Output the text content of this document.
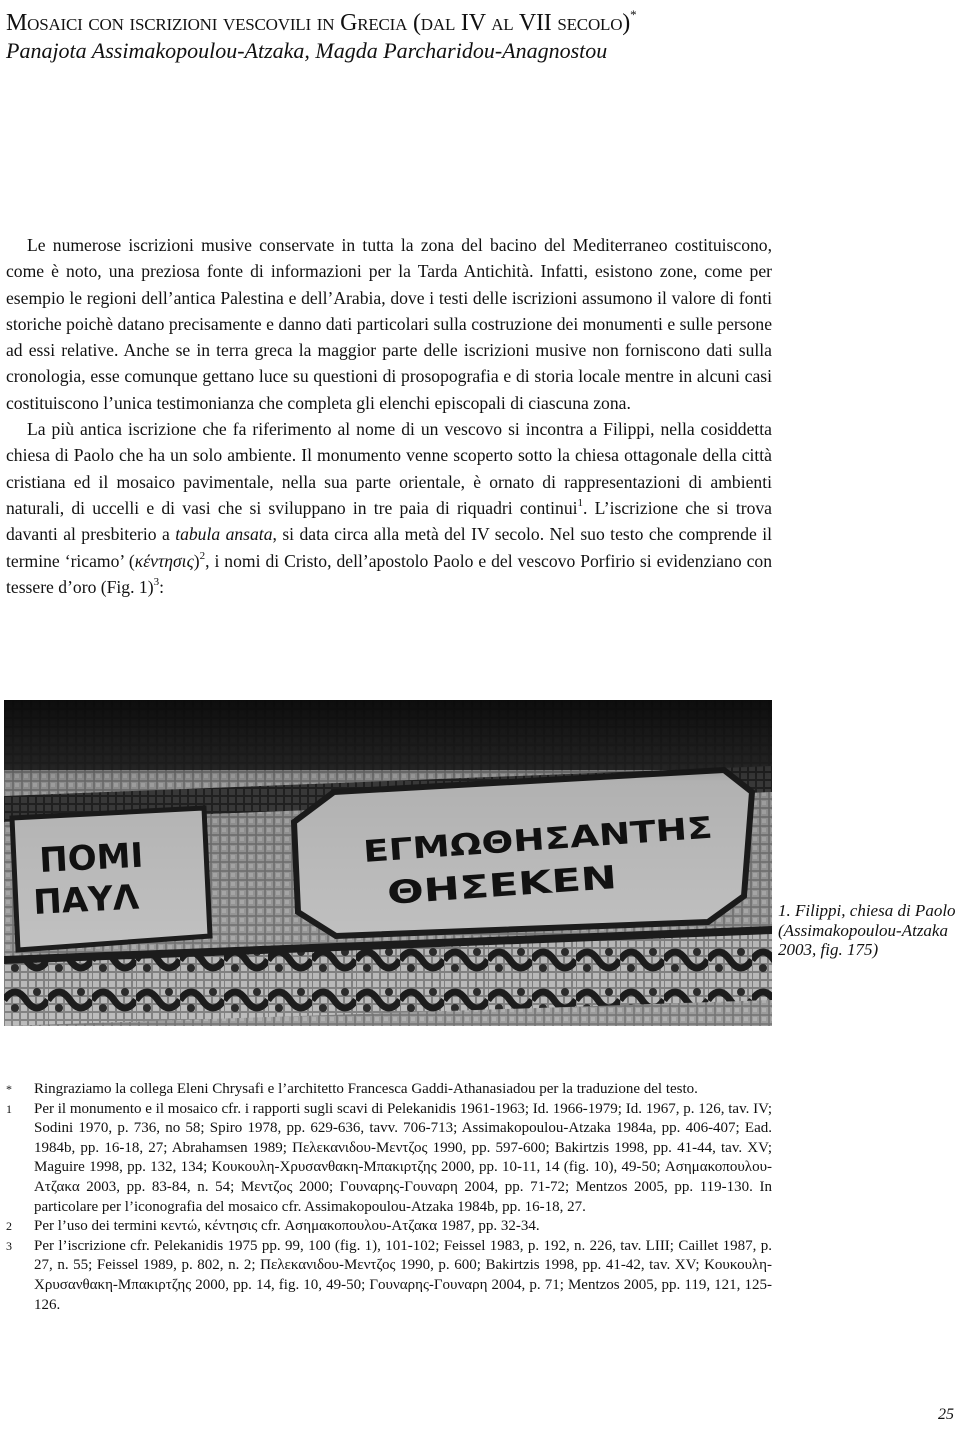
Mosaici con iscrizioni vescovili in Grecia (dal IV al VII secolo)*
Panajota Assimakopoulou-Atzaka, Magda Parcharidou-Anagnostou

Le numerose iscrizioni musive conservate in tutta la zona del bacino del Mediterraneo costituiscono, come è noto, una preziosa fonte di informazioni per la Tarda Antichità. Infatti, esistono zone, come per esempio le regioni dell’antica Palestina e dell’Arabia, dove i testi delle iscrizioni assumono il valore di fonti storiche poichè datano precisamente e danno dati particolari sulla costruzione dei monumenti e sulle persone ad essi relative. Anche se in terra greca la maggior parte delle iscrizioni musive non forniscono dati sulla cronologia, esse comunque gettano luce su questioni di prosopografia e di storia locale mentre in alcuni casi costituiscono l’unica testimonianza che completa gli elenchi episcopali di ciascuna zona.

La più antica iscrizione che fa riferimento al nome di un vescovo si incontra a Filippi, nella cosiddetta chiesa di Paolo che ha un solo ambiente. Il monumento venne scoperto sotto la chiesa ottagonale della città cristiana ed il mosaico pavimentale, nella sua parte orientale, è ornato di rappresentazioni di ambienti naturali, di uccelli e di vasi che si sviluppano in tre paia di riquadri continui$^1$. L’iscrizione che si trova davanti al presbiterio a tabula ansata, si data circa alla metà del IV secolo. Nel suo testo che comprende il termine ‘ricamo’ $(\kappa έ\nu\tau\eta\sigma\iota\varsigma)^2$, i nomi di Cristo, dell’apostolo Paolo e del vescovo Porfirio si evidenziano con tessere d’oro (Fig. 1)$^3$:

1. Filippi, chiesa di Paolo (Assimakopoulou-Atzaka 2003, fig. 175)
* Ringraziamo la collega Eleni Chrysafi e l’architetto Francesca Gaddi-Athanasiadou per la traduzione del testo.
1 Per il monumento e il mosaico cfr. i rapporti sugli scavi di Pelekanidis 1961-1963; Id. 1966-1979; Id. 1967, p. 126, tav. IV; Sodini 1970, p. 736, no 58; Spiro 1978, pp. 629-636, tavv. 706-713; Assimakopoulou-Atzaka 1984a, pp. 406-407; Ead. 1984b, pp. 16-18, 27; Abrahamsen 1989; Πελεκανιδου-Μεντζος 1990, pp. 597-600; Bakirtzis 1998, pp. 41-44, tav. XV; Maguire 1998, pp. 132, 134; Κουκουλη-Χρυσανθακη-Μπακιρτζης 2000, pp. 10-11, 14 (fig. 10), 49-50; Ασημακοπουλου-Ατζακα 2003, pp. 83-84, n. 54; Μεντζος 2000; Γουναρης-Γουναρη 2004, pp. 71-72; Mentzos 2005, pp. 119-130. In particolare per l’iconografia del mosaico cfr. Assimakopoulou-Atzaka 1984b, pp. 16-18, 27.
2 Per l’uso dei termini κεντώ, κέντησις cfr. Ασημακοπουλου-Ατζακα 1987, pp. 32-34.
3 Per l’iscrizione cfr. Pelekanidis 1975 pp. 99, 100 (fig. 1), 101-102; Feissel 1983, p. 192, n. 226, tav. LIII; Caillet 1987, p. 27, n. 55; Feissel 1989, p. 802, n. 2; Πελεκανιδου-Μεντζος 1990, p. 600; Bakirtzis 1998, pp. 41-42, tav. XV; Κουκουλη-Χρυσανθακη-Μπακιρτζης 2000, pp. 14, fig. 10, 49-50; Γουναρης-Γουναρη 2004, p. 71; Mentzos 2005, pp. 119, 121, 125-126.
25
